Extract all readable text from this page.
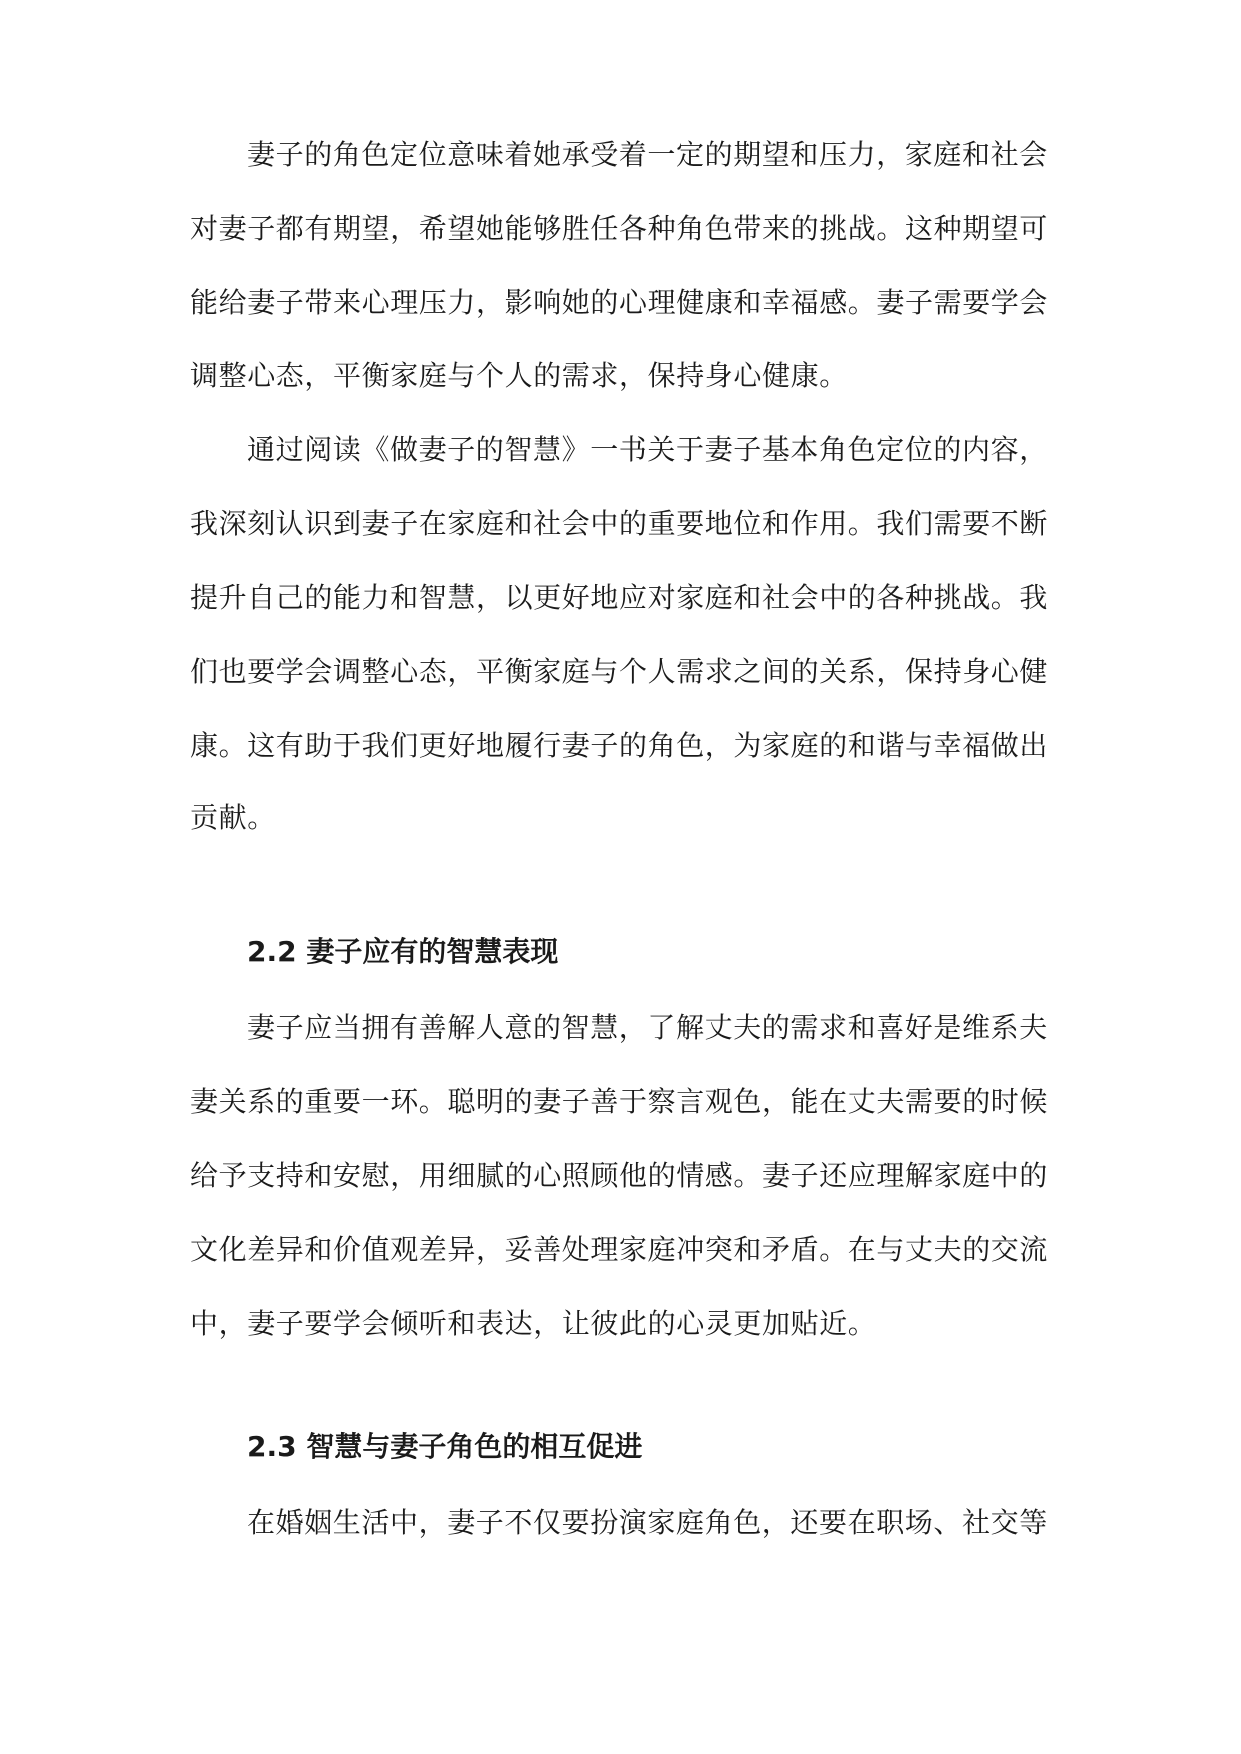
妻子的角色定位意味着她承受着一定的期望和压力，家庭和社会

对妻子都有期望，希望她能够胜任各种角色带来的挑战。这种期望可

能给妻子带来心理压力，影响她的心理健康和幸福感。妻子需要学会

调整心态，平衡家庭与个人的需求，保持身心健康。

通过阅读《做妻子的智慧》一书关于妻子基本角色定位的内容，

我深刻认识到妻子在家庭和社会中的重要地位和作用。我们需要不断

提升自己的能力和智慧，以更好地应对家庭和社会中的各种挑战。我

们也要学会调整心态，平衡家庭与个人需求之间的关系，保持身心健

康。这有助于我们更好地履行妻子的角色，为家庭的和谐与幸福做出

贡献。

2.2 妻子应有的智慧表现

妻子应当拥有善解人意的智慧，了解丈夫的需求和喜好是维系夫

妻关系的重要一环。聪明的妻子善于察言观色，能在丈夫需要的时候

给予支持和安慰，用细腻的心照顾他的情感。妻子还应理解家庭中的

文化差异和价值观差异，妥善处理家庭冲突和矛盾。在与丈夫的交流

中，妻子要学会倾听和表达，让彼此的心灵更加贴近。

2.3 智慧与妻子角色的相互促进

在婚姻生活中，妻子不仅要扮演家庭角色，还要在职场、社交等
